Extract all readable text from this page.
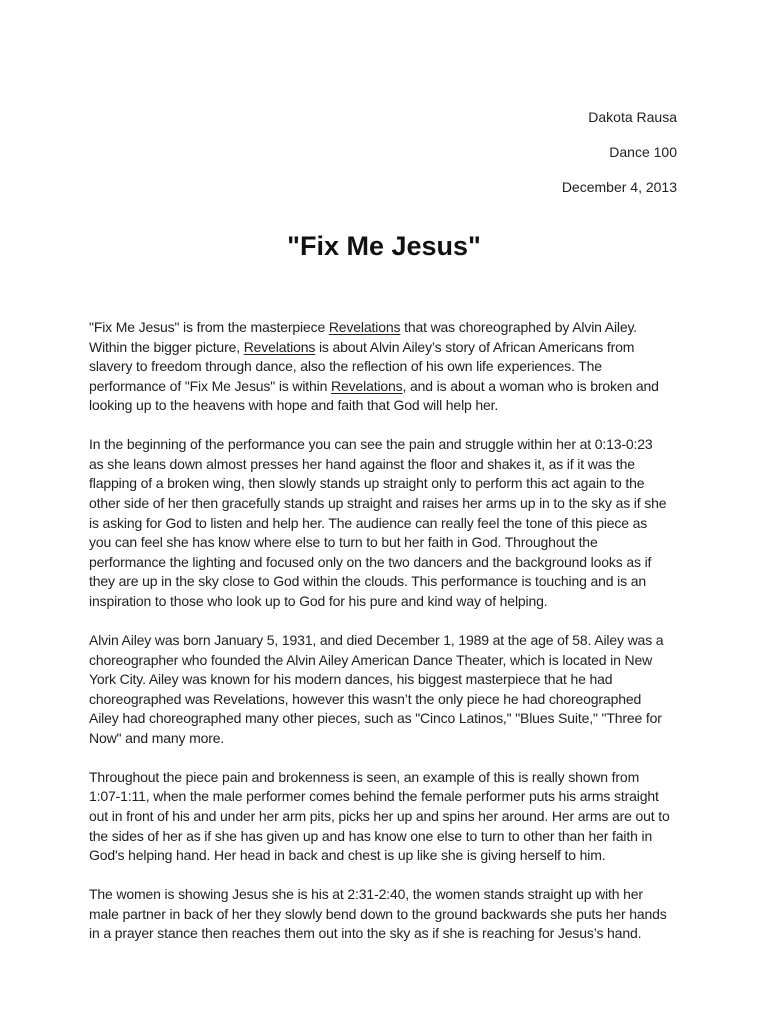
Dakota Rausa
Dance 100
December 4, 2013
"Fix Me Jesus"

"Fix Me Jesus" is from the masterpiece Revelations that was choreographed by Alvin Ailey.
Within the bigger picture, Revelations is about Alvin Ailey’s story of African Americans from
slavery to freedom through dance, also the reflection of his own life experiences. The
performance of "Fix Me Jesus" is within Revelations, and is about a woman who is broken and
looking up to the heavens with hope and faith that God will help her.

In the beginning of the performance you can see the pain and struggle within her at 0:13-0:23
as she leans down almost presses her hand against the floor and shakes it, as if it was the
flapping of a broken wing, then slowly stands up straight only to perform this act again to the
other side of her then gracefully stands up straight and raises her arms up in to the sky as if she
is asking for God to listen and help her. The audience can really feel the tone of this piece as
you can feel she has know where else to turn to but her faith in God. Throughout the
performance the lighting and focused only on the two dancers and the background looks as if
they are up in the sky close to God within the clouds. This performance is touching and is an
inspiration to those who look up to God for his pure and kind way of helping.

Alvin Ailey was born January 5, 1931, and died December 1, 1989 at the age of 58. Ailey was a
choreographer who founded the Alvin Ailey American Dance Theater, which is located in New
York City. Ailey was known for his modern dances, his biggest masterpiece that he had
choreographed was Revelations, however this wasn’t the only piece he had choreographed
Ailey had choreographed many other pieces, such as "Cinco Latinos," "Blues Suite," "Three for
Now" and many more.

Throughout the piece pain and brokenness is seen, an example of this is really shown from
1:07-1:11, when the male performer comes behind the female performer puts his arms straight
out in front of his and under her arm pits, picks her up and spins her around. Her arms are out to
the sides of her as if she has given up and has know one else to turn to other than her faith in
God's helping hand. Her head in back and chest is up like she is giving herself to him.

The women is showing Jesus she is his at 2:31-2:40, the women stands straight up with her
male partner in back of her they slowly bend down to the ground backwards she puts her hands
in a prayer stance then reaches them out into the sky as if she is reaching for Jesus’s hand.
